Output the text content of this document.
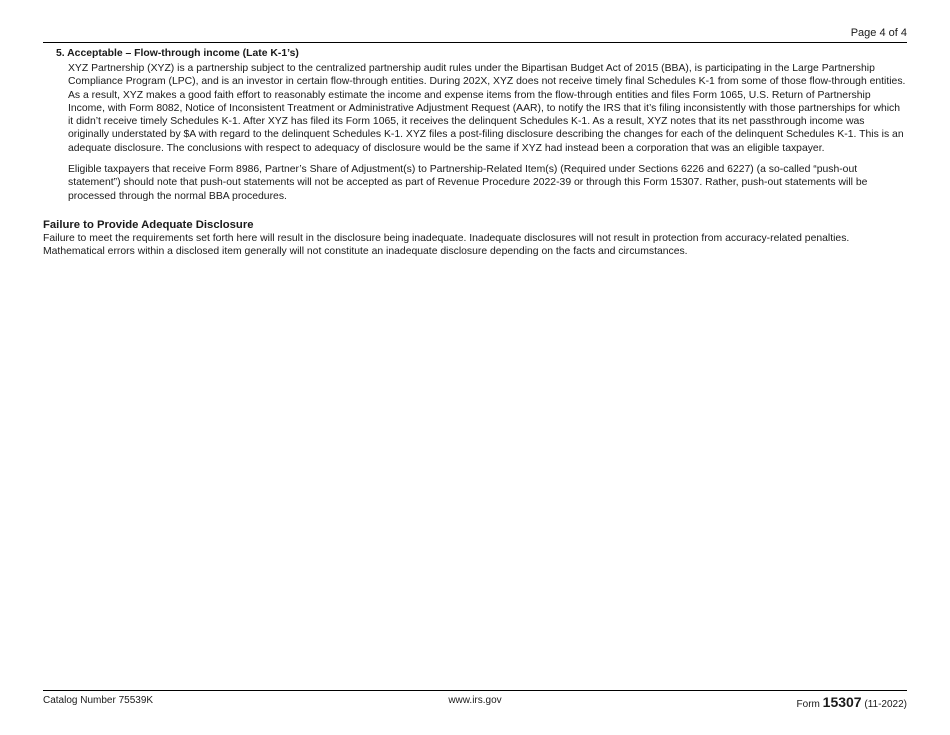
Page 4 of 4
5. Acceptable – Flow-through income (Late K-1’s)

XYZ Partnership (XYZ) is a partnership subject to the centralized partnership audit rules under the Bipartisan Budget Act of 2015 (BBA), is participating in the Large Partnership Compliance Program (LPC), and is an investor in certain flow-through entities. During 202X, XYZ does not receive timely final Schedules K-1 from some of those flow-through entities. As a result, XYZ makes a good faith effort to reasonably estimate the income and expense items from the flow-through entities and files Form 1065, U.S. Return of Partnership Income, with Form 8082, Notice of Inconsistent Treatment or Administrative Adjustment Request (AAR), to notify the IRS that it’s filing inconsistently with those partnerships for which it didn’t receive timely Schedules K-1. After XYZ has filed its Form 1065, it receives the delinquent Schedules K-1. As a result, XYZ notes that its net passthrough income was originally understated by $A with regard to the delinquent Schedules K-1. XYZ files a post-filing disclosure describing the changes for each of the delinquent Schedules K-1. This is an adequate disclosure. The conclusions with respect to adequacy of disclosure would be the same if XYZ had instead been a corporation that was an eligible taxpayer.

Eligible taxpayers that receive Form 8986, Partner’s Share of Adjustment(s) to Partnership-Related Item(s) (Required under Sections 6226 and 6227) (a so-called “push-out statement”) should note that push-out statements will not be accepted as part of Revenue Procedure 2022-39 or through this Form 15307. Rather, push-out statements will be processed through the normal BBA procedures.

Failure to Provide Adequate Disclosure

Failure to meet the requirements set forth here will result in the disclosure being inadequate. Inadequate disclosures will not result in protection from accuracy-related penalties. Mathematical errors within a disclosed item generally will not constitute an inadequate disclosure depending on the facts and circumstances.

Catalog Number 75539K	www.irs.gov	Form 15307 (11-2022)
